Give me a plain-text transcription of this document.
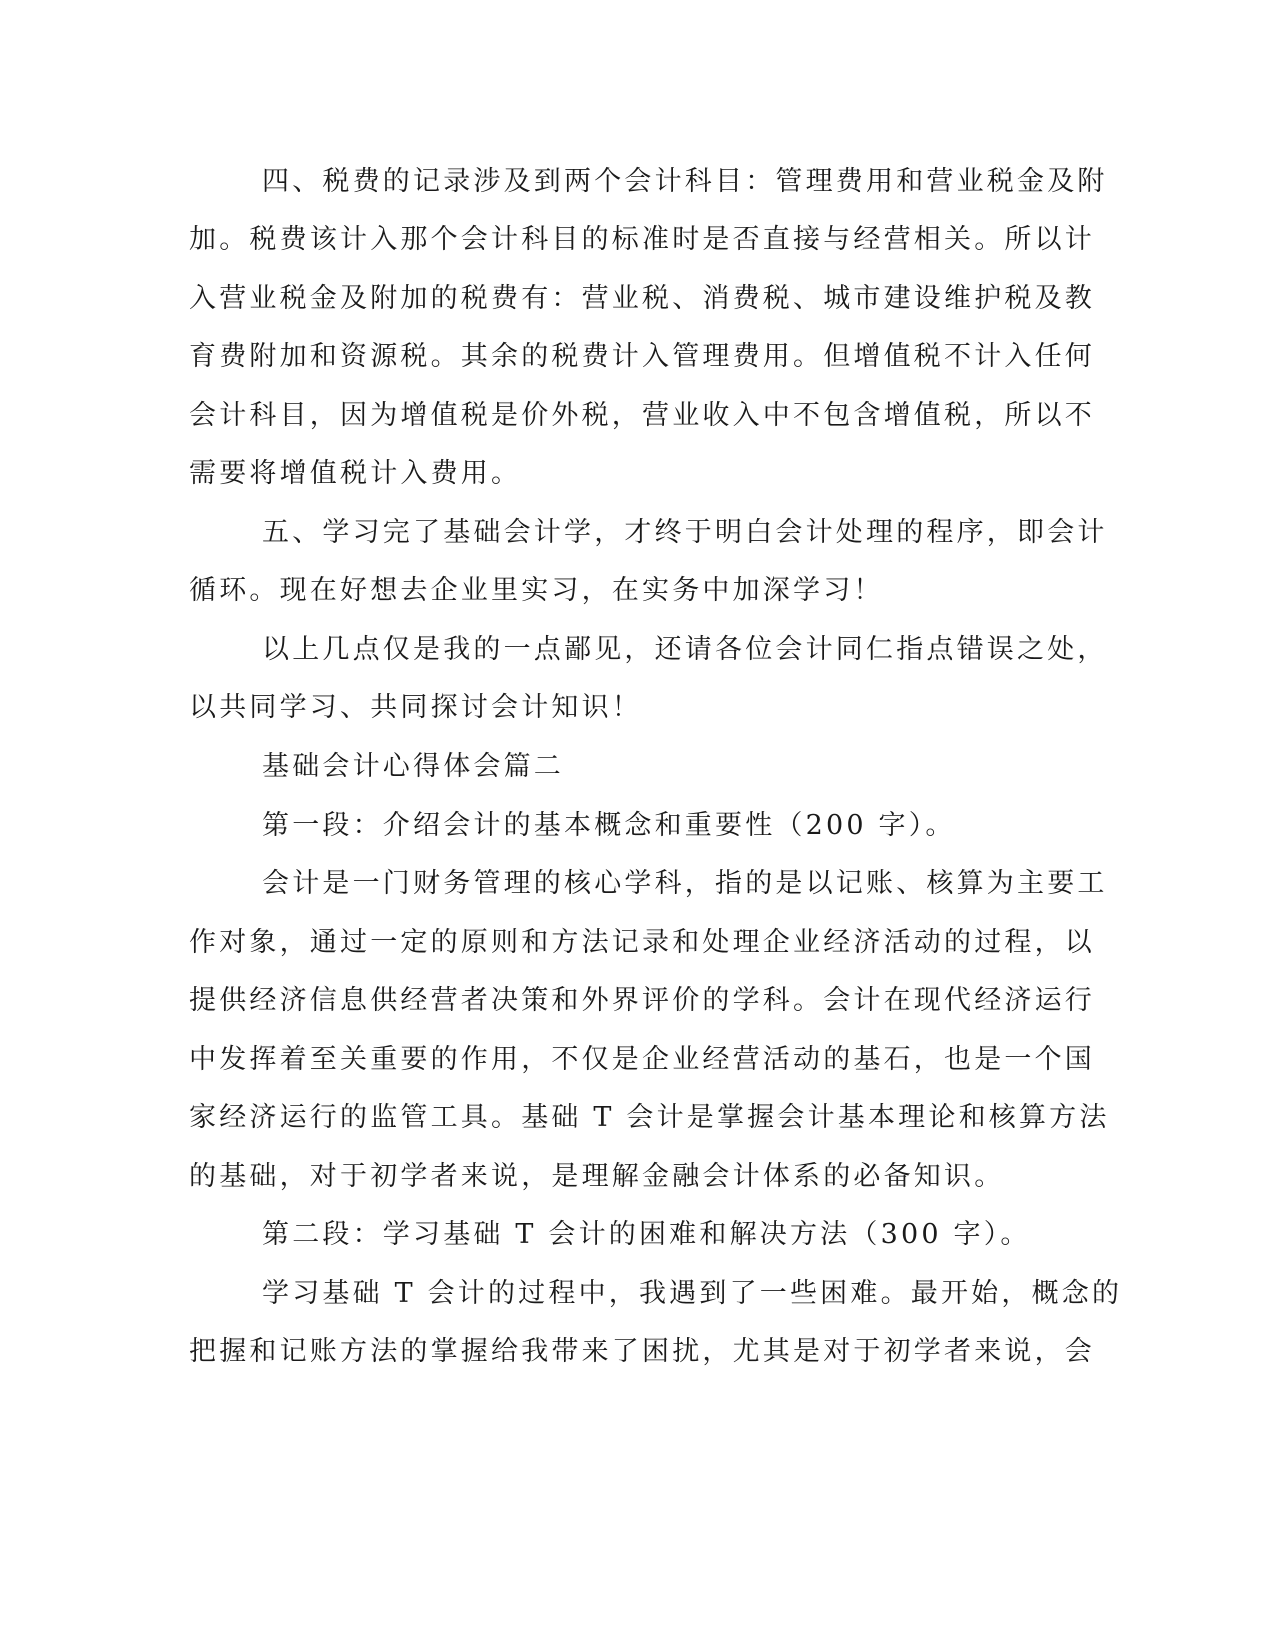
四、税费的记录涉及到两个会计科目：管理费用和营业税金及附
加。税费该计入那个会计科目的标准时是否直接与经营相关。所以计
入营业税金及附加的税费有：营业税、消费税、城市建设维护税及教
育费附加和资源税。其余的税费计入管理费用。但增值税不计入任何
会计科目，因为增值税是价外税，营业收入中不包含增值税，所以不
需要将增值税计入费用。
五、学习完了基础会计学，才终于明白会计处理的程序，即会计
循环。现在好想去企业里实习，在实务中加深学习！
以上几点仅是我的一点鄙见，还请各位会计同仁指点错误之处，
以共同学习、共同探讨会计知识！
基础会计心得体会篇二
第一段：介绍会计的基本概念和重要性（200 字）。
会计是一门财务管理的核心学科，指的是以记账、核算为主要工
作对象，通过一定的原则和方法记录和处理企业经济活动的过程，以
提供经济信息供经营者决策和外界评价的学科。会计在现代经济运行
中发挥着至关重要的作用，不仅是企业经营活动的基石，也是一个国
家经济运行的监管工具。基础 T 会计是掌握会计基本理论和核算方法
的基础，对于初学者来说，是理解金融会计体系的必备知识。
第二段：学习基础 T 会计的困难和解决方法（300 字）。
学习基础 T 会计的过程中，我遇到了一些困难。最开始，概念的
把握和记账方法的掌握给我带来了困扰，尤其是对于初学者来说，会
